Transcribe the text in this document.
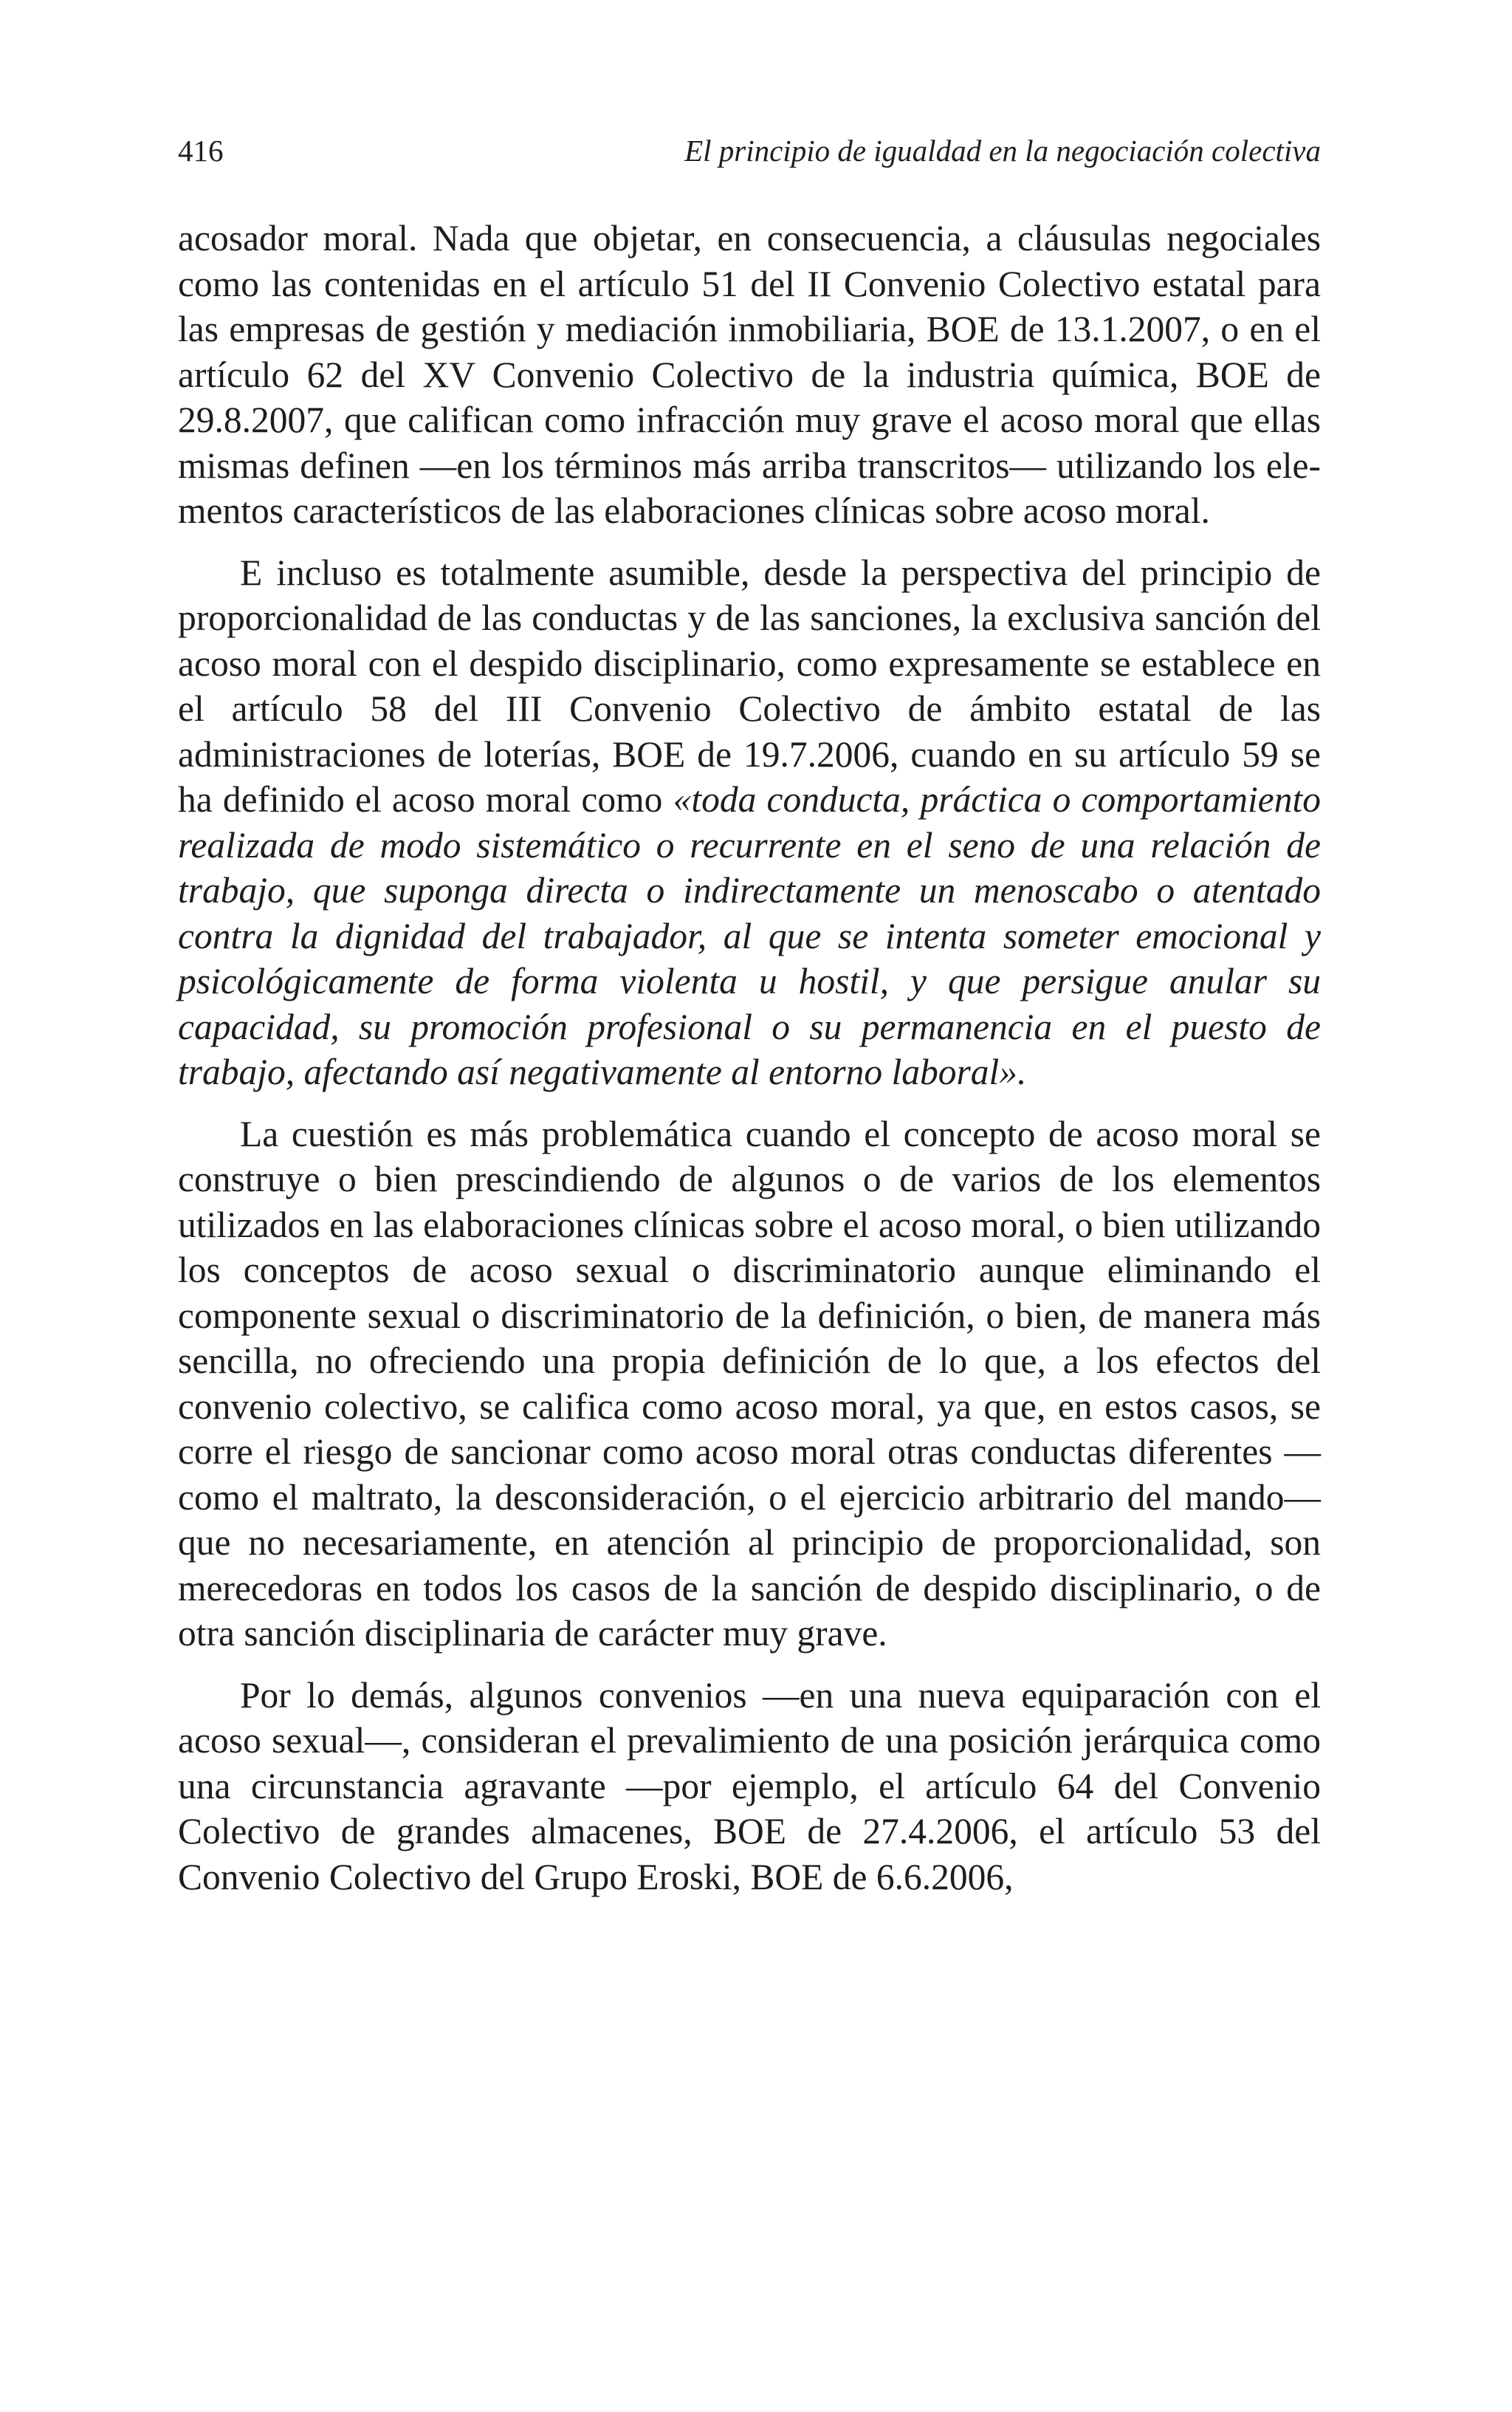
416	El principio de igualdad en la negociación colectiva

acosador moral. Nada que objetar, en consecuencia, a cláusulas negociales como las contenidas en el artículo 51 del II Convenio Colectivo estatal para las empresas de gestión y mediación inmobiliaria, BOE de 13.1.2007, o en el artículo 62 del XV Convenio Colectivo de la industria química, BOE de 29.8.2007, que califican como infracción muy grave el acoso moral que ellas mismas definen —en los términos más arriba transcritos— utilizando los elementos característicos de las elaboraciones clínicas sobre acoso moral.

E incluso es totalmente asumible, desde la perspectiva del principio de proporcionalidad de las conductas y de las sanciones, la exclusiva sanción del acoso moral con el despido disciplinario, como expresamente se establece en el artículo 58 del III Convenio Colectivo de ámbito estatal de las administraciones de loterías, BOE de 19.7.2006, cuando en su artículo 59 se ha definido el acoso moral como «toda conducta, práctica o comportamiento realizada de modo sistemático o recurrente en el seno de una relación de trabajo, que suponga directa o indirectamente un menoscabo o atentado contra la dignidad del trabajador, al que se intenta someter emocional y psicológicamente de forma violenta u hostil, y que persigue anular su capacidad, su promoción profesional o su permanencia en el puesto de trabajo, afectando así negativamente al entorno laboral».

La cuestión es más problemática cuando el concepto de acoso moral se construye o bien prescindiendo de algunos o de varios de los elementos utilizados en las elaboraciones clínicas sobre el acoso moral, o bien utilizando los conceptos de acoso sexual o discriminatorio aunque eliminando el componente sexual o discriminatorio de la definición, o bien, de manera más sencilla, no ofreciendo una propia definición de lo que, a los efectos del convenio colectivo, se califica como acoso moral, ya que, en estos casos, se corre el riesgo de sancionar como acoso moral otras conductas diferentes —como el maltrato, la desconsideración, o el ejercicio arbitrario del mando— que no necesariamente, en atención al principio de proporcionalidad, son merecedoras en todos los casos de la sanción de despido disciplinario, o de otra sanción disciplinaria de carácter muy grave.

Por lo demás, algunos convenios —en una nueva equiparación con el acoso sexual—, consideran el prevalimiento de una posición jerárquica como una circunstancia agravante —por ejemplo, el artículo 64 del Convenio Colectivo de grandes almacenes, BOE de 27.4.2006, el artículo 53 del Convenio Colectivo del Grupo Eroski, BOE de 6.6.2006,
